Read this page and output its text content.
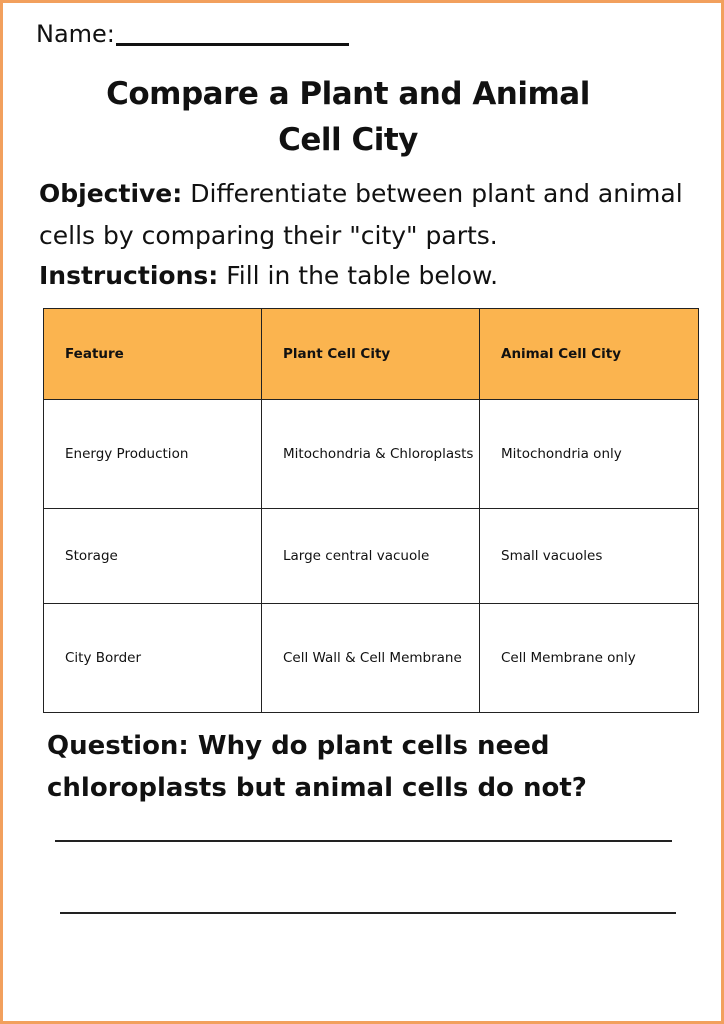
Name:
Compare a Plant and Animal
Cell City
Objective: Differentiate between plant and animal cells by comparing their "city" parts.
Instructions: Fill in the table below.
Feature	Plant Cell City	Animal Cell City
Energy Production	Mitochondria & Chloroplasts	Mitochondria only
Storage	Large central vacuole	Small vacuoles
City Border	Cell Wall & Cell Membrane	Cell Membrane only
Question: Why do plant cells need chloroplasts but animal cells do not?
